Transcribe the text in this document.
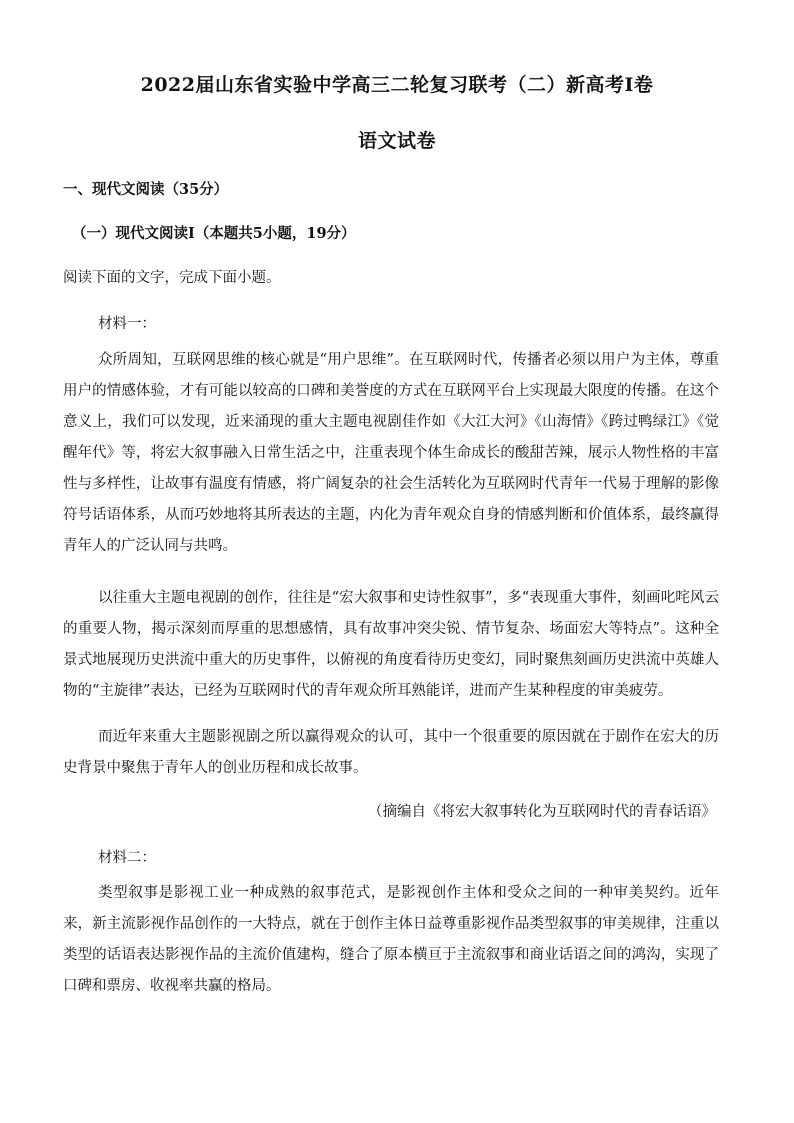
2022届山东省实验中学高三二轮复习联考（二）新高考Ⅰ卷
语文试卷

一、现代文阅读（35分）

（一）现代文阅读Ⅰ（本题共5小题，19分）

阅读下面的文字，完成下面小题。

材料一：

众所周知，互联网思维的核心就是“用户思维”。在互联网时代，传播者必须以用户为主体，尊重用户的情感体验，才有可能以较高的口碑和美誉度的方式在互联网平台上实现最大限度的传播。在这个意义上，我们可以发现，近来涌现的重大主题电视剧佳作如《大江大河》《山海情》《跨过鸭绿江》《觉醒年代》等，将宏大叙事融入日常生活之中，注重表现个体生命成长的酸甜苦辣，展示人物性格的丰富性与多样性，让故事有温度有情感，将广阔复杂的社会生活转化为互联网时代青年一代易于理解的影像符号话语体系，从而巧妙地将其所表达的主题，内化为青年观众自身的情感判断和价值体系，最终赢得青年人的广泛认同与共鸣。

以往重大主题电视剧的创作，往往是“宏大叙事和史诗性叙事”，多“表现重大事件，刻画叱咤风云的重要人物，揭示深刻而厚重的思想感情，具有故事冲突尖锐、情节复杂、场面宏大等特点”。这种全景式地展现历史洪流中重大的历史事件，以俯视的角度看待历史变幻，同时聚焦刻画历史洪流中英雄人物的“主旋律”表达，已经为互联网时代的青年观众所耳熟能详，进而产生某种程度的审美疲劳。

而近年来重大主题影视剧之所以赢得观众的认可，其中一个很重要的原因就在于剧作在宏大的历史背景中聚焦于青年人的创业历程和成长故事。

（摘编自《将宏大叙事转化为互联网时代的青春话语》

材料二：

类型叙事是影视工业一种成熟的叙事范式，是影视创作主体和受众之间的一种审美契约。近年来，新主流影视作品创作的一大特点，就在于创作主体日益尊重影视作品类型叙事的审美规律，注重以类型的话语表达影视作品的主流价值建构，缝合了原本横亘于主流叙事和商业话语之间的鸿沟，实现了口碑和票房、收视率共赢的格局。
